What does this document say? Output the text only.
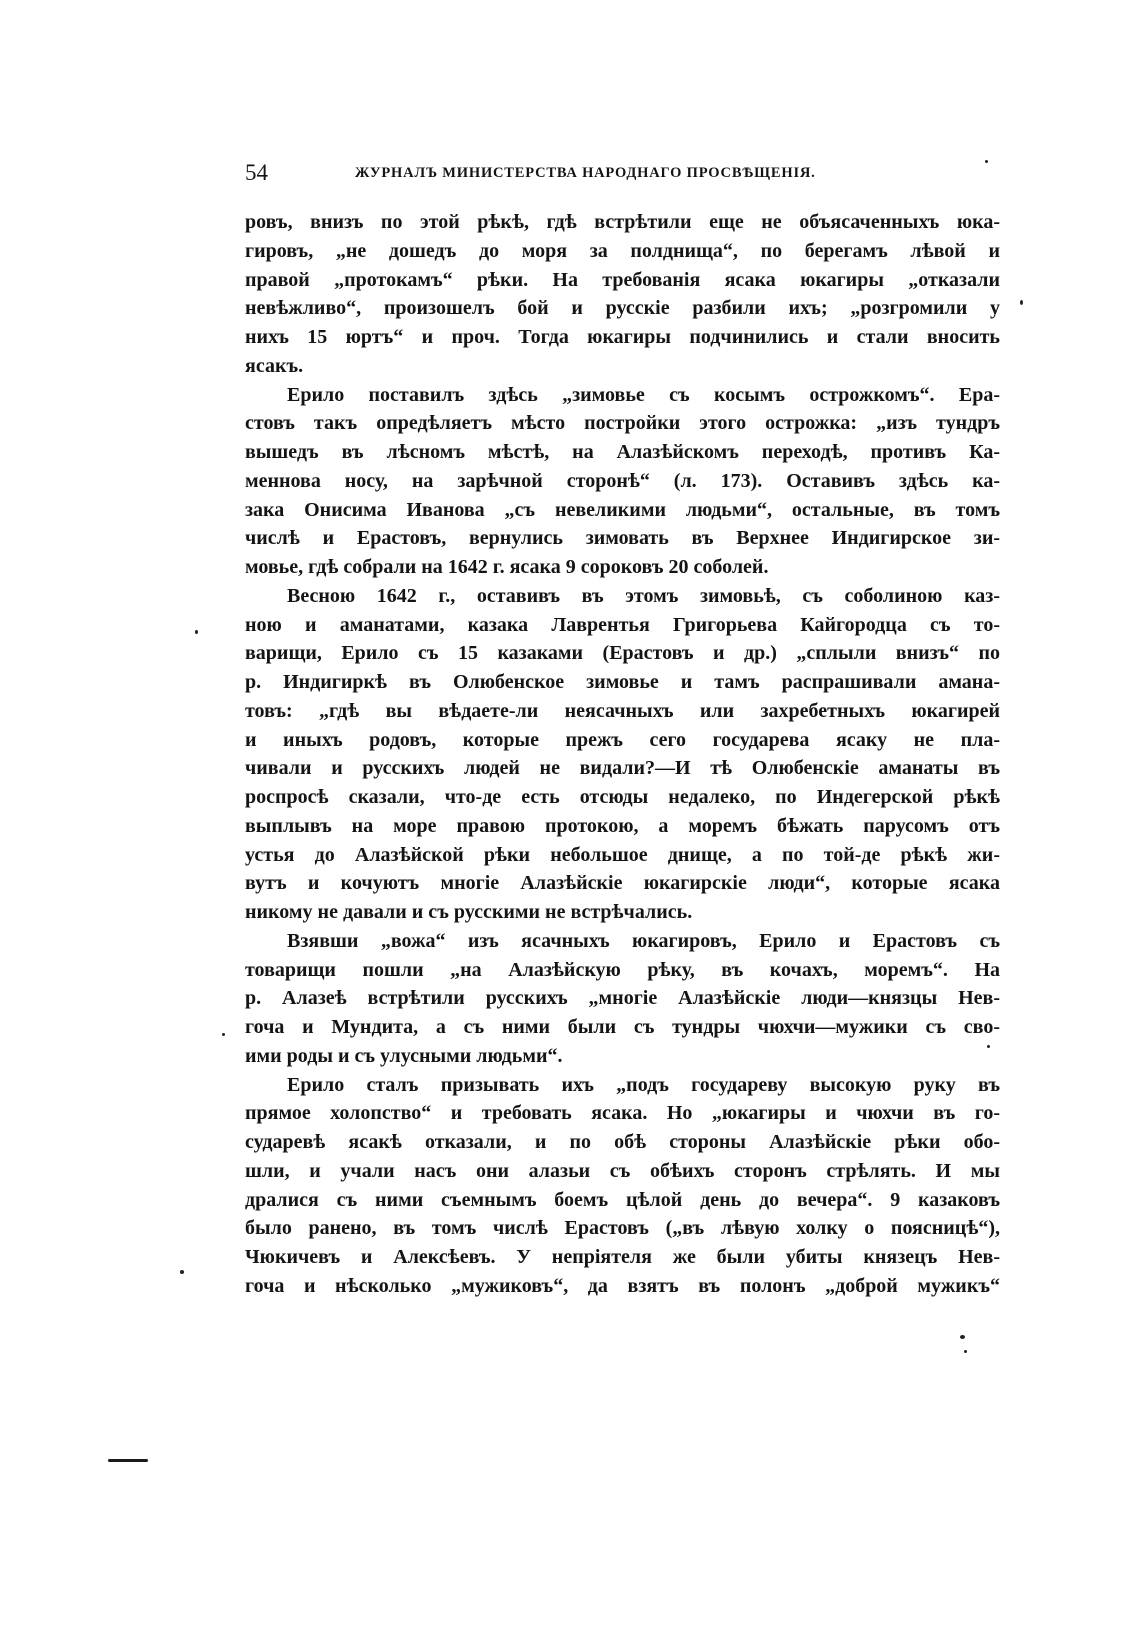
54	ЖУРНАЛЪ МИНИСТЕРСТВА НАРОДНАГО ПРОСВѢЩЕНІЯ.
ровъ, внизъ по этой рѣкѣ, гдѣ встрѣтили еще не объясаченныхъ юка-
гировъ, „не дошедъ до моря за полднища“, по берегамъ лѣвой и
правой „протокамъ“ рѣки. На требованія ясака юкагиры „отказали
невѣжливо“, произошелъ бой и русскіе разбили ихъ; „розгромили у
нихъ 15 юртъ“ и проч. Тогда юкагиры подчинились и стали вносить
ясакъ.
Ерило поставилъ здѣсь „зимовье съ косымъ острожкомъ“. Ера-
стовъ такъ опредѣляетъ мѣсто постройки этого острожка: „изъ тундръ
вышедъ въ лѣсномъ мѣстѣ, на Алазѣйскомъ переходѣ, противъ Ка-
меннова носу, на зарѣчной сторонѣ“ (л. 173). Оставивъ здѣсь ка-
зака Онисима Иванова „съ невеликими людьми“, остальные, въ томъ
числѣ и Ерастовъ, вернулись зимовать въ Верхнее Индигирское зи-
мовье, гдѣ собрали на 1642 г. ясака 9 сороковъ 20 соболей.
Весною 1642 г., оставивъ въ этомъ зимовьѣ, съ соболиною каз-
ною и аманатами, казака Лаврентья Григорьева Кайгородца съ то-
варищи, Ерило съ 15 казаками (Ерастовъ и др.) „сплыли внизъ“ по
р. Индигиркѣ въ Олюбенское зимовье и тамъ распрашивали амана-
товъ: „гдѣ вы вѣдаете-ли неясачныхъ или захребетныхъ юкагирей
и иныхъ родовъ, которые прежъ сего государева ясаку не пла-
чивали и русскихъ людей не видали?—И тѣ Олюбенскіе аманаты въ
роспросѣ сказали, что-де есть отсюды недалеко, по Индегерской рѣкѣ
выплывъ на море правою протокою, а моремъ бѣжать парусомъ отъ
устья до Алазѣйской рѣки небольшое днище, а по той-де рѣкѣ жи-
вутъ и кочуютъ многіе Алазѣйскіе юкагирскіе люди“, которые ясака
никому не давали и съ русскими не встрѣчались.
Взявши „вожа“ изъ ясачныхъ юкагировъ, Ерило и Ерастовъ съ
товарищи пошли „на Алазѣйскую рѣку, въ кочахъ, моремъ“. На
р. Алазеѣ встрѣтили русскихъ „многіе Алазѣйскіе люди—князцы Нев-
гоча и Мундита, а съ ними были съ тундры чюхчи—мужики съ сво-
ими роды и съ улусными людьми“.
Ерило сталъ призывать ихъ „подъ государеву высокую руку въ
прямое холопство“ и требовать ясака. Но „юкагиры и чюхчи въ го-
сударевѣ ясакѣ отказали, и по обѣ стороны Алазѣйскіе рѣки обо-
шли, и учали насъ они алазьи съ обѣихъ сторонъ стрѣлять. И мы
дралися съ ними съемнымъ боемъ цѣлой день до вечера“. 9 казаковъ
было ранено, въ томъ числѣ Ерастовъ („въ лѣвую холку о поясницѣ“),
Чюкичевъ и Алексѣевъ. У непріятеля же были убиты князецъ Нев-
гоча и нѣсколько „мужиковъ“, да взятъ въ полонъ „доброй мужикъ“
